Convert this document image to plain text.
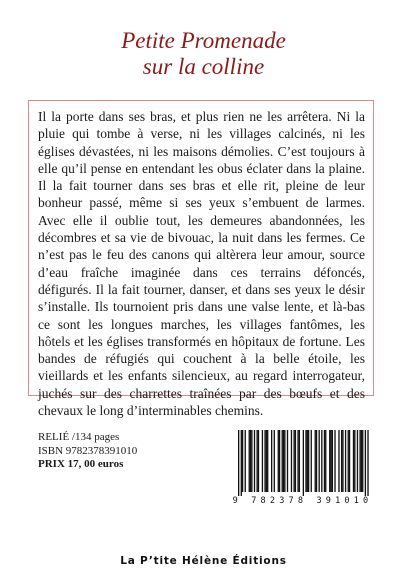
Petite Promenade
sur la colline
Il la porte dans ses bras, et plus rien ne les arrêtera. Ni la pluie qui tombe à verse, ni les villages calcinés, ni les églises dévastées, ni les maisons démolies. C’est toujours à elle qu’il pense en entendant les obus éclater dans la plaine. Il la fait tourner dans ses bras et elle rit, pleine de leur bonheur passé, même si ses yeux s’embuent de larmes. Avec elle il oublie tout, les demeures abandonnées, les décombres et sa vie de bivouac, la nuit dans les fermes. Ce n’est pas le feu des canons qui altèrera leur amour, source d’eau fraîche imaginée dans ces terrains défoncés, défigurés. Il la fait tourner, danser, et dans ses yeux le désir s’installe. Ils tournoient pris dans une valse lente, et là-bas ce sont les longues marches, les villages fantômes, les hôtels et les églises transformés en hôpitaux de fortune. Les bandes de réfugiés qui couchent à la belle étoile, les vieillards et les enfants silencieux, au regard interrogateur, juchés sur des charrettes traînées par des bœufs et des chevaux le long d’interminables chemins.
RELIÉ /134 pages
ISBN 9782378391010
PRIX 17, 00 euros
9 782378 391010
La P’tite Hélène Éditions
